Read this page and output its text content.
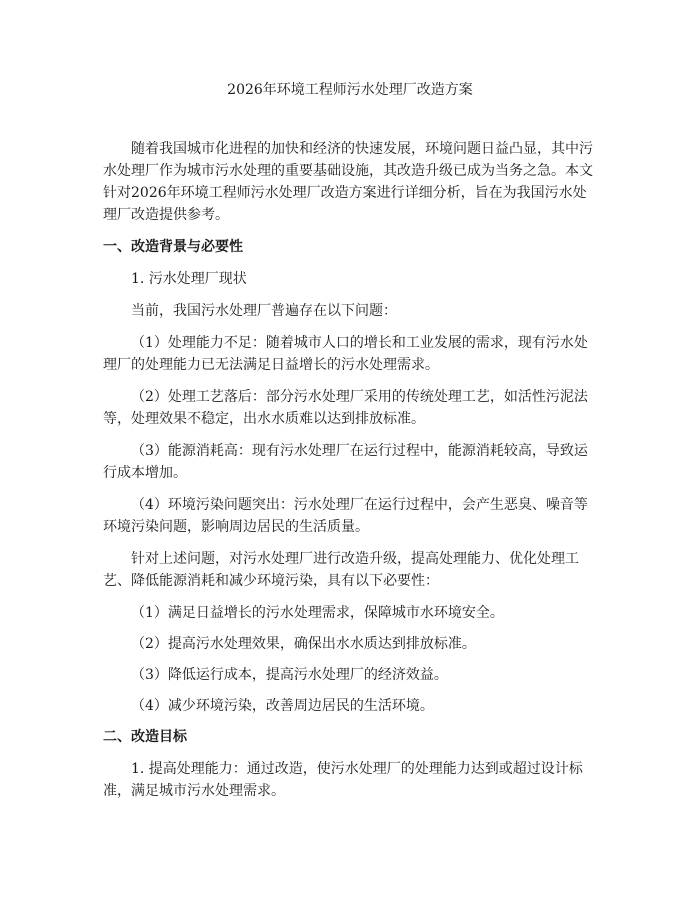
2026年环境工程师污水处理厂改造方案

随着我国城市化进程的加快和经济的快速发展，环境问题日益凸显，其中污水处理厂作为城市污水处理的重要基础设施，其改造升级已成为当务之急。本文针对2026年环境工程师污水处理厂改造方案进行详细分析，旨在为我国污水处理厂改造提供参考。

一、改造背景与必要性

1. 污水处理厂现状

当前，我国污水处理厂普遍存在以下问题：

（1）处理能力不足：随着城市人口的增长和工业发展的需求，现有污水处理厂的处理能力已无法满足日益增长的污水处理需求。

（2）处理工艺落后：部分污水处理厂采用的传统处理工艺，如活性污泥法等，处理效果不稳定，出水水质难以达到排放标准。

（3）能源消耗高：现有污水处理厂在运行过程中，能源消耗较高，导致运行成本增加。

（4）环境污染问题突出：污水处理厂在运行过程中，会产生恶臭、噪音等环境污染问题，影响周边居民的生活质量。

针对上述问题，对污水处理厂进行改造升级，提高处理能力、优化处理工艺、降低能源消耗和减少环境污染，具有以下必要性：

（1）满足日益增长的污水处理需求，保障城市水环境安全。

（2）提高污水处理效果，确保出水水质达到排放标准。

（3）降低运行成本，提高污水处理厂的经济效益。

（4）减少环境污染，改善周边居民的生活环境。

二、改造目标

1. 提高处理能力：通过改造，使污水处理厂的处理能力达到或超过设计标准，满足城市污水处理需求。
